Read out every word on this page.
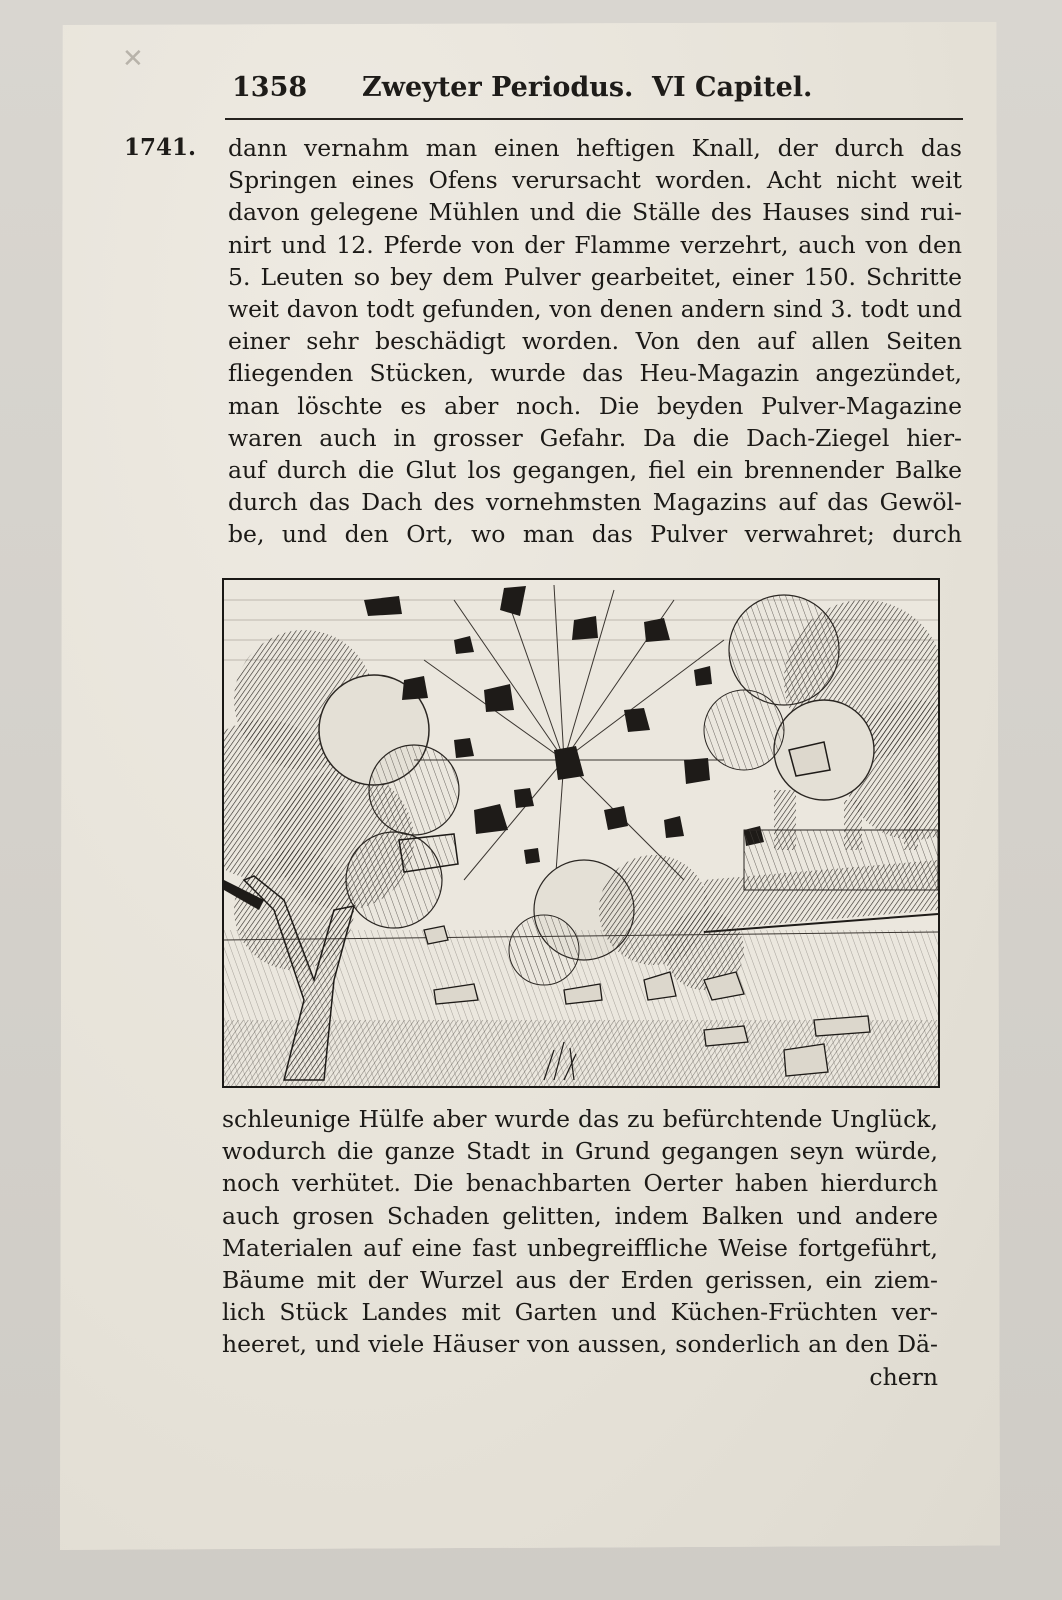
✕
1358 Zweyter Periodus. VI Capitel.
1741. dann vernahm man einen heftigen Knall, der durch das
Springen eines Ofens verursacht worden. Acht nicht weit
davon gelegene Mühlen und die Ställe des Hauses sind rui-
nirt und 12. Pferde von der Flamme verzehrt, auch von den
5. Leuten so bey dem Pulver gearbeitet, einer 150. Schritte
weit davon todt gefunden, von denen andern sind 3. todt und
einer sehr beschädigt worden. Von den auf allen Seiten
fliegenden Stücken, wurde das Heu-Magazin angezündet,
man löschte es aber noch. Die beyden Pulver-Magazine
waren auch in grosser Gefahr. Da die Dach-Ziegel hier-
auf durch die Glut los gegangen, fiel ein brennender Balke
durch das Dach des vornehmsten Magazins auf das Gewöl-
be, und den Ort, wo man das Pulver verwahret; durch
schleunige Hülfe aber wurde das zu befürchtende Unglück,
wodurch die ganze Stadt in Grund gegangen seyn würde,
noch verhütet. Die benachbarten Oerter haben hierdurch
auch grosen Schaden gelitten, indem Balken und andere
Materialen auf eine fast unbegreiffliche Weise fortgeführt,
Bäume mit der Wurzel aus der Erden gerissen, ein ziem-
lich Stück Landes mit Garten und Küchen-Früchten ver-
heeret, und viele Häuser von aussen, sonderlich an den Dä-
chern
